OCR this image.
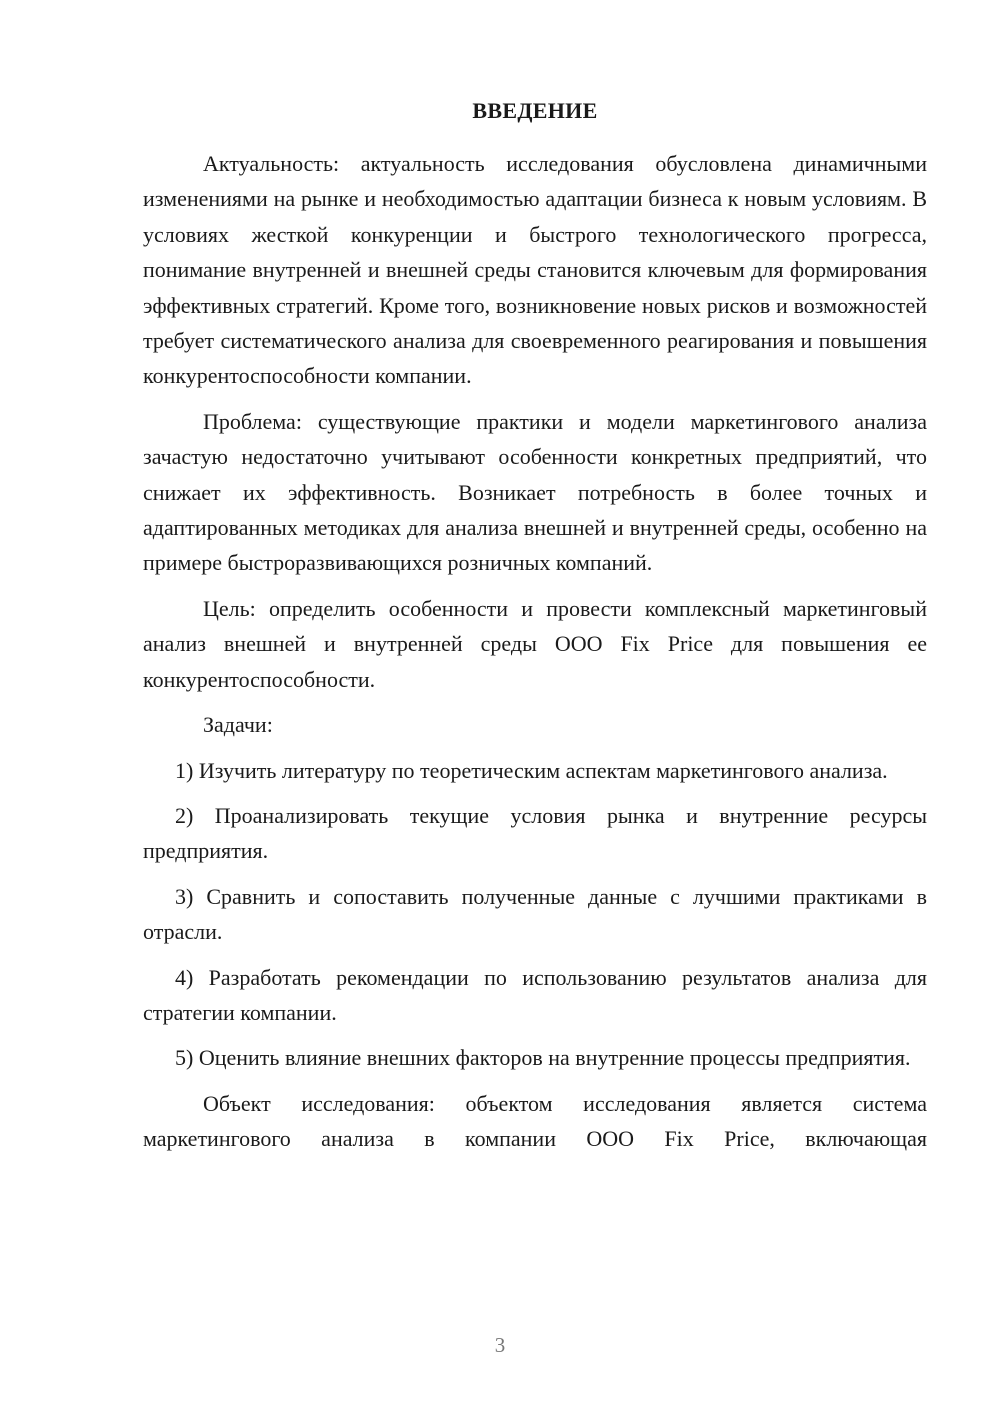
ВВЕДЕНИЕ

Актуальность: актуальность исследования обусловлена динамичными изменениями на рынке и необходимостью адаптации бизнеса к новым условиям. В условиях жесткой конкуренции и быстрого технологического прогресса, понимание внутренней и внешней среды становится ключевым для формирования эффективных стратегий. Кроме того, возникновение новых рисков и возможностей требует систематического анализа для своевременного реагирования и повышения конкурентоспособности компании.

Проблема: существующие практики и модели маркетингового анализа зачастую недостаточно учитывают особенности конкретных предприятий, что снижает их эффективность. Возникает потребность в более точных и адаптированных методиках для анализа внешней и внутренней среды, особенно на примере быстроразвивающихся розничных компаний.

Цель: определить особенности и провести комплексный маркетинговый анализ внешней и внутренней среды ООО Fix Price для повышения ее конкурентоспособности.

Задачи:

1) Изучить литературу по теоретическим аспектам маркетингового анализа.

2) Проанализировать текущие условия рынка и внутренние ресурсы предприятия.

3) Сравнить и сопоставить полученные данные с лучшими практиками в отрасли.

4) Разработать рекомендации по использованию результатов анализа для стратегии компании.

5) Оценить влияние внешних факторов на внутренние процессы предприятия.

Объект исследования: объектом исследования является система маркетингового анализа в компании ООО Fix Price, включающая

3
